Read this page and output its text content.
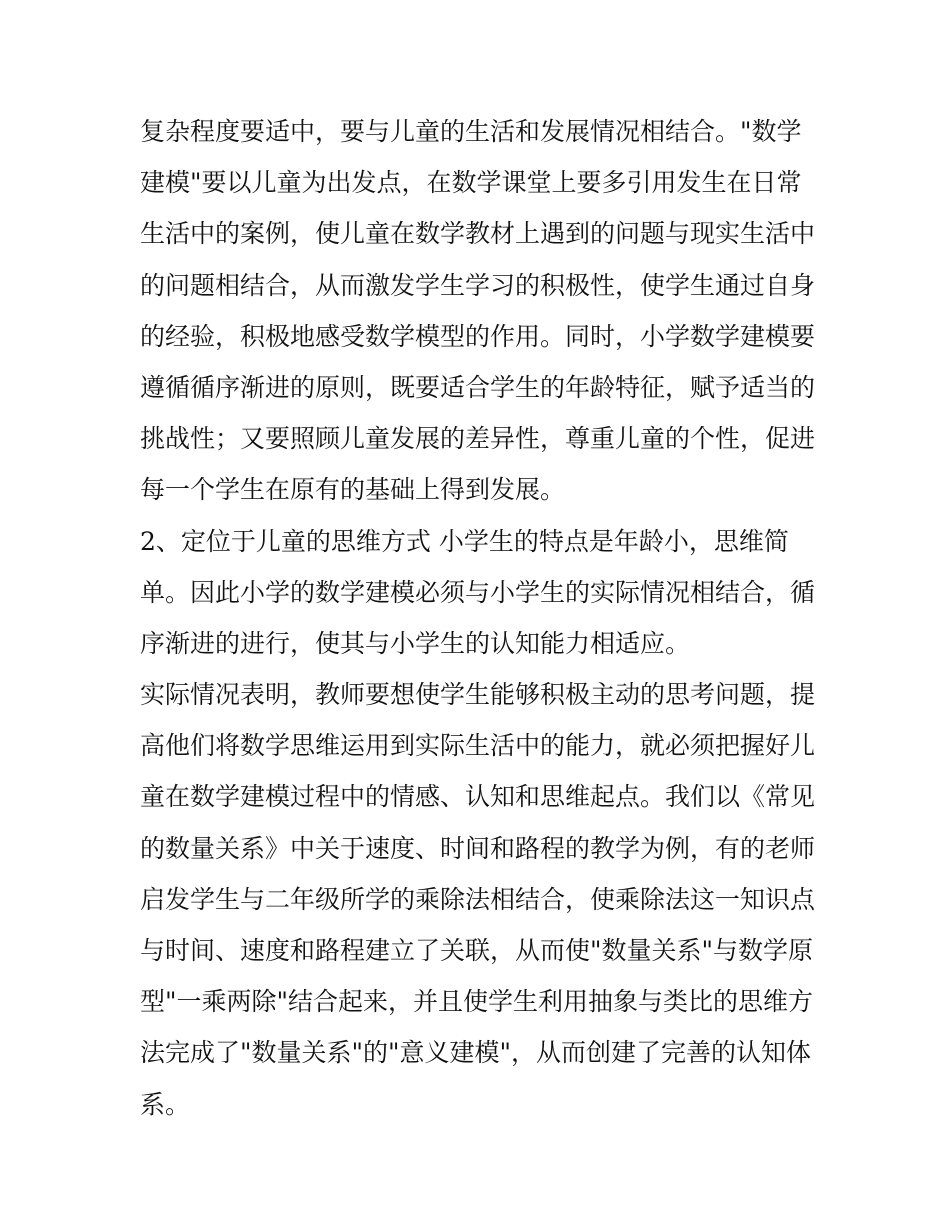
复杂程度要适中，要与儿童的生活和发展情况相结合。"数学
建模"要以儿童为出发点，在数学课堂上要多引用发生在日常
生活中的案例，使儿童在数学教材上遇到的问题与现实生活中
的问题相结合，从而激发学生学习的积极性，使学生通过自身
的经验，积极地感受数学模型的作用。同时，小学数学建模要
遵循循序渐进的原则，既要适合学生的年龄特征，赋予适当的
挑战性；又要照顾儿童发展的差异性，尊重儿童的个性，促进
每一个学生在原有的基础上得到发展。
2、定位于儿童的思维方式 小学生的特点是年龄小，思维简
单。因此小学的数学建模必须与小学生的实际情况相结合，循
序渐进的进行，使其与小学生的认知能力相适应。
实际情况表明，教师要想使学生能够积极主动的思考问题，提
高他们将数学思维运用到实际生活中的能力，就必须把握好儿
童在数学建模过程中的情感、认知和思维起点。我们以《常见
的数量关系》中关于速度、时间和路程的教学为例，有的老师
启发学生与二年级所学的乘除法相结合，使乘除法这一知识点
与时间、速度和路程建立了关联，从而使"数量关系"与数学原
型"一乘两除"结合起来，并且使学生利用抽象与类比的思维方
法完成了"数量关系"的"意义建模"，从而创建了完善的认知体
系。
